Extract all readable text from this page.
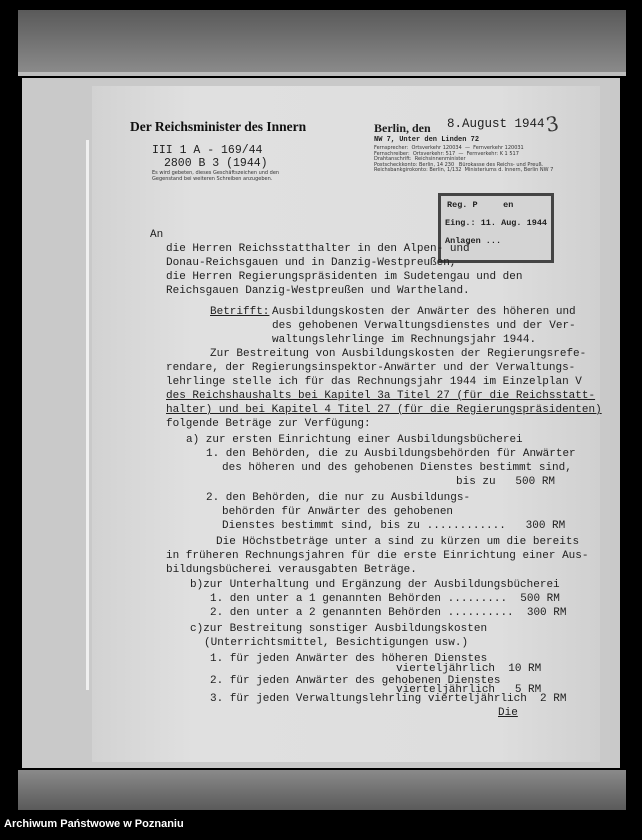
Der Reichsminister des Innern
III 1 A - 169/44
2800 B 3 (1944)
Es wird gebeten, dieses Geschäftszeichen und den
Gegenstand bei weiteren Schreiben anzugeben.
Berlin, den 8.August 1944
NW 7, Unter den Linden 72
Fernsprecher:  Ortsverkehr 120034  —  Fernverkehr 120031
Fernschreiber:  Ortsverkehr: 517  —  Fernverkehr: K 1 517
Drahtanschrift:  Reichsinnenminister
Postscheckkonto: Berlin, 14 230   Bürokasse des Reichs- und Preuß.
Reichsbankgirokonto: Berlin, 1/132  Ministeriums d. Innern, Berlin NW 7
3
Reg. P     en
Eing.: 11. Aug. 1944
Anlagen ...
An
die Herren Reichsstatthalter in den Alpen- und
Donau-Reichsgauen und in Danzig-Westpreußen,
die Herren Regierungspräsidenten im Sudetengau und den
Reichsgauen Danzig-Westpreußen und Wartheland.
Betrifft: Ausbildungskosten der Anwärter des höheren und
des gehobenen Verwaltungsdienstes und der Ver-
waltungslehrlinge im Rechnungsjahr 1944.
Zur Bestreitung von Ausbildungskosten der Regierungsrefe-
rendare, der Regierungsinspektor-Anwärter und der Verwaltungs-
lehrlinge stelle ich für das Rechnungsjahr 1944 im Einzelplan V
des Reichshaushalts bei Kapitel 3a Titel 27 (für die Reichsstatt-
halter) und bei Kapitel 4 Titel 27 (für die Regierungspräsidenten)
folgende Beträge zur Verfügung:
a) zur ersten Einrichtung einer Ausbildungsbücherei
1. den Behörden, die zu Ausbildungsbehörden für Anwärter
des höheren und des gehobenen Dienstes bestimmt sind,
bis zu   500 RM
2. den Behörden, die nur zu Ausbildungs-
behörden für Anwärter des gehobenen
Dienstes bestimmt sind, bis zu ............   300 RM
Die Höchstbeträge unter a sind zu kürzen um die bereits
in früheren Rechnungsjahren für die erste Einrichtung einer Aus-
bildungsbücherei verausgabten Beträge.
b)zur Unterhaltung und Ergänzung der Ausbildungsbücherei
1. den unter a 1 genannten Behörden .........  500 RM
2. den unter a 2 genannten Behörden ..........  300 RM
c)zur Bestreitung sonstiger Ausbildungskosten
(Unterrichtsmittel, Besichtigungen usw.)
1. für jeden Anwärter des höheren Dienstes
vierteljährlich  10 RM
2. für jeden Anwärter des gehobenen Dienstes
vierteljährlich   5 RM
3. für jeden Verwaltungslehrling vierteljährlich  2 RM
Die
Archiwum Państwowe w Poznaniu
